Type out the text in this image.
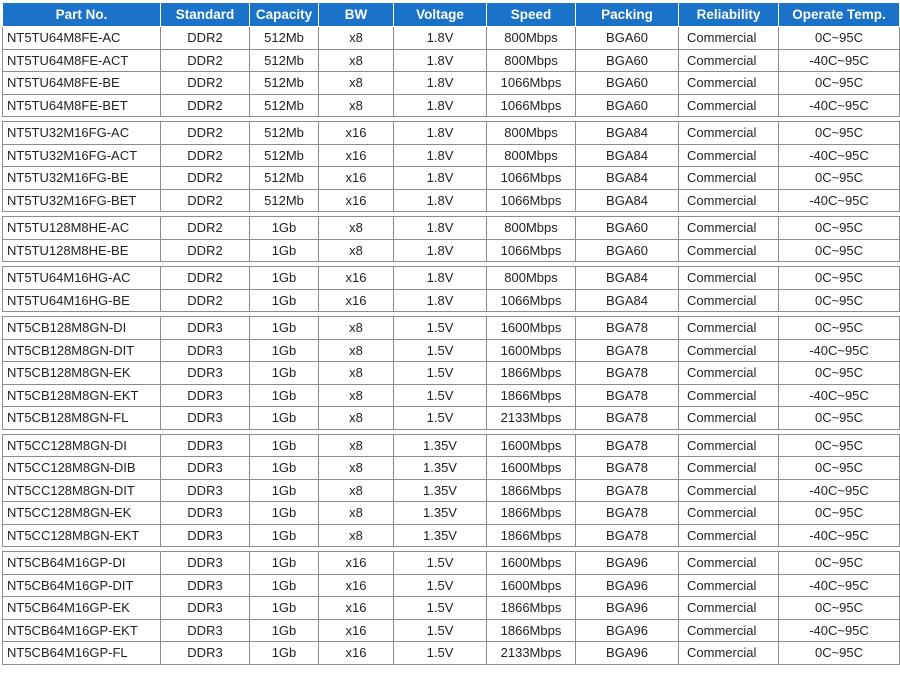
Part No.	Standard	Capacity	BW	Voltage	Speed	Packing	Reliability	Operate Temp.
NT5TU64M8FE-AC	DDR2	512Mb	x8	1.8V	800Mbps	BGA60	Commercial	0C~95C
NT5TU64M8FE-ACT	DDR2	512Mb	x8	1.8V	800Mbps	BGA60	Commercial	-40C~95C
NT5TU64M8FE-BE	DDR2	512Mb	x8	1.8V	1066Mbps	BGA60	Commercial	0C~95C
NT5TU64M8FE-BET	DDR2	512Mb	x8	1.8V	1066Mbps	BGA60	Commercial	-40C~95C

NT5TU32M16FG-AC	DDR2	512Mb	x16	1.8V	800Mbps	BGA84	Commercial	0C~95C
NT5TU32M16FG-ACT	DDR2	512Mb	x16	1.8V	800Mbps	BGA84	Commercial	-40C~95C
NT5TU32M16FG-BE	DDR2	512Mb	x16	1.8V	1066Mbps	BGA84	Commercial	0C~95C
NT5TU32M16FG-BET	DDR2	512Mb	x16	1.8V	1066Mbps	BGA84	Commercial	-40C~95C

NT5TU128M8HE-AC	DDR2	1Gb	x8	1.8V	800Mbps	BGA60	Commercial	0C~95C
NT5TU128M8HE-BE	DDR2	1Gb	x8	1.8V	1066Mbps	BGA60	Commercial	0C~95C

NT5TU64M16HG-AC	DDR2	1Gb	x16	1.8V	800Mbps	BGA84	Commercial	0C~95C
NT5TU64M16HG-BE	DDR2	1Gb	x16	1.8V	1066Mbps	BGA84	Commercial	0C~95C

NT5CB128M8GN-DI	DDR3	1Gb	x8	1.5V	1600Mbps	BGA78	Commercial	0C~95C
NT5CB128M8GN-DIT	DDR3	1Gb	x8	1.5V	1600Mbps	BGA78	Commercial	-40C~95C
NT5CB128M8GN-EK	DDR3	1Gb	x8	1.5V	1866Mbps	BGA78	Commercial	0C~95C
NT5CB128M8GN-EKT	DDR3	1Gb	x8	1.5V	1866Mbps	BGA78	Commercial	-40C~95C
NT5CB128M8GN-FL	DDR3	1Gb	x8	1.5V	2133Mbps	BGA78	Commercial	0C~95C

NT5CC128M8GN-DI	DDR3	1Gb	x8	1.35V	1600Mbps	BGA78	Commercial	0C~95C
NT5CC128M8GN-DIB	DDR3	1Gb	x8	1.35V	1600Mbps	BGA78	Commercial	0C~95C
NT5CC128M8GN-DIT	DDR3	1Gb	x8	1.35V	1866Mbps	BGA78	Commercial	-40C~95C
NT5CC128M8GN-EK	DDR3	1Gb	x8	1.35V	1866Mbps	BGA78	Commercial	0C~95C
NT5CC128M8GN-EKT	DDR3	1Gb	x8	1.35V	1866Mbps	BGA78	Commercial	-40C~95C

NT5CB64M16GP-DI	DDR3	1Gb	x16	1.5V	1600Mbps	BGA96	Commercial	0C~95C
NT5CB64M16GP-DIT	DDR3	1Gb	x16	1.5V	1600Mbps	BGA96	Commercial	-40C~95C
NT5CB64M16GP-EK	DDR3	1Gb	x16	1.5V	1866Mbps	BGA96	Commercial	0C~95C
NT5CB64M16GP-EKT	DDR3	1Gb	x16	1.5V	1866Mbps	BGA96	Commercial	-40C~95C
NT5CB64M16GP-FL	DDR3	1Gb	x16	1.5V	2133Mbps	BGA96	Commercial	0C~95C
